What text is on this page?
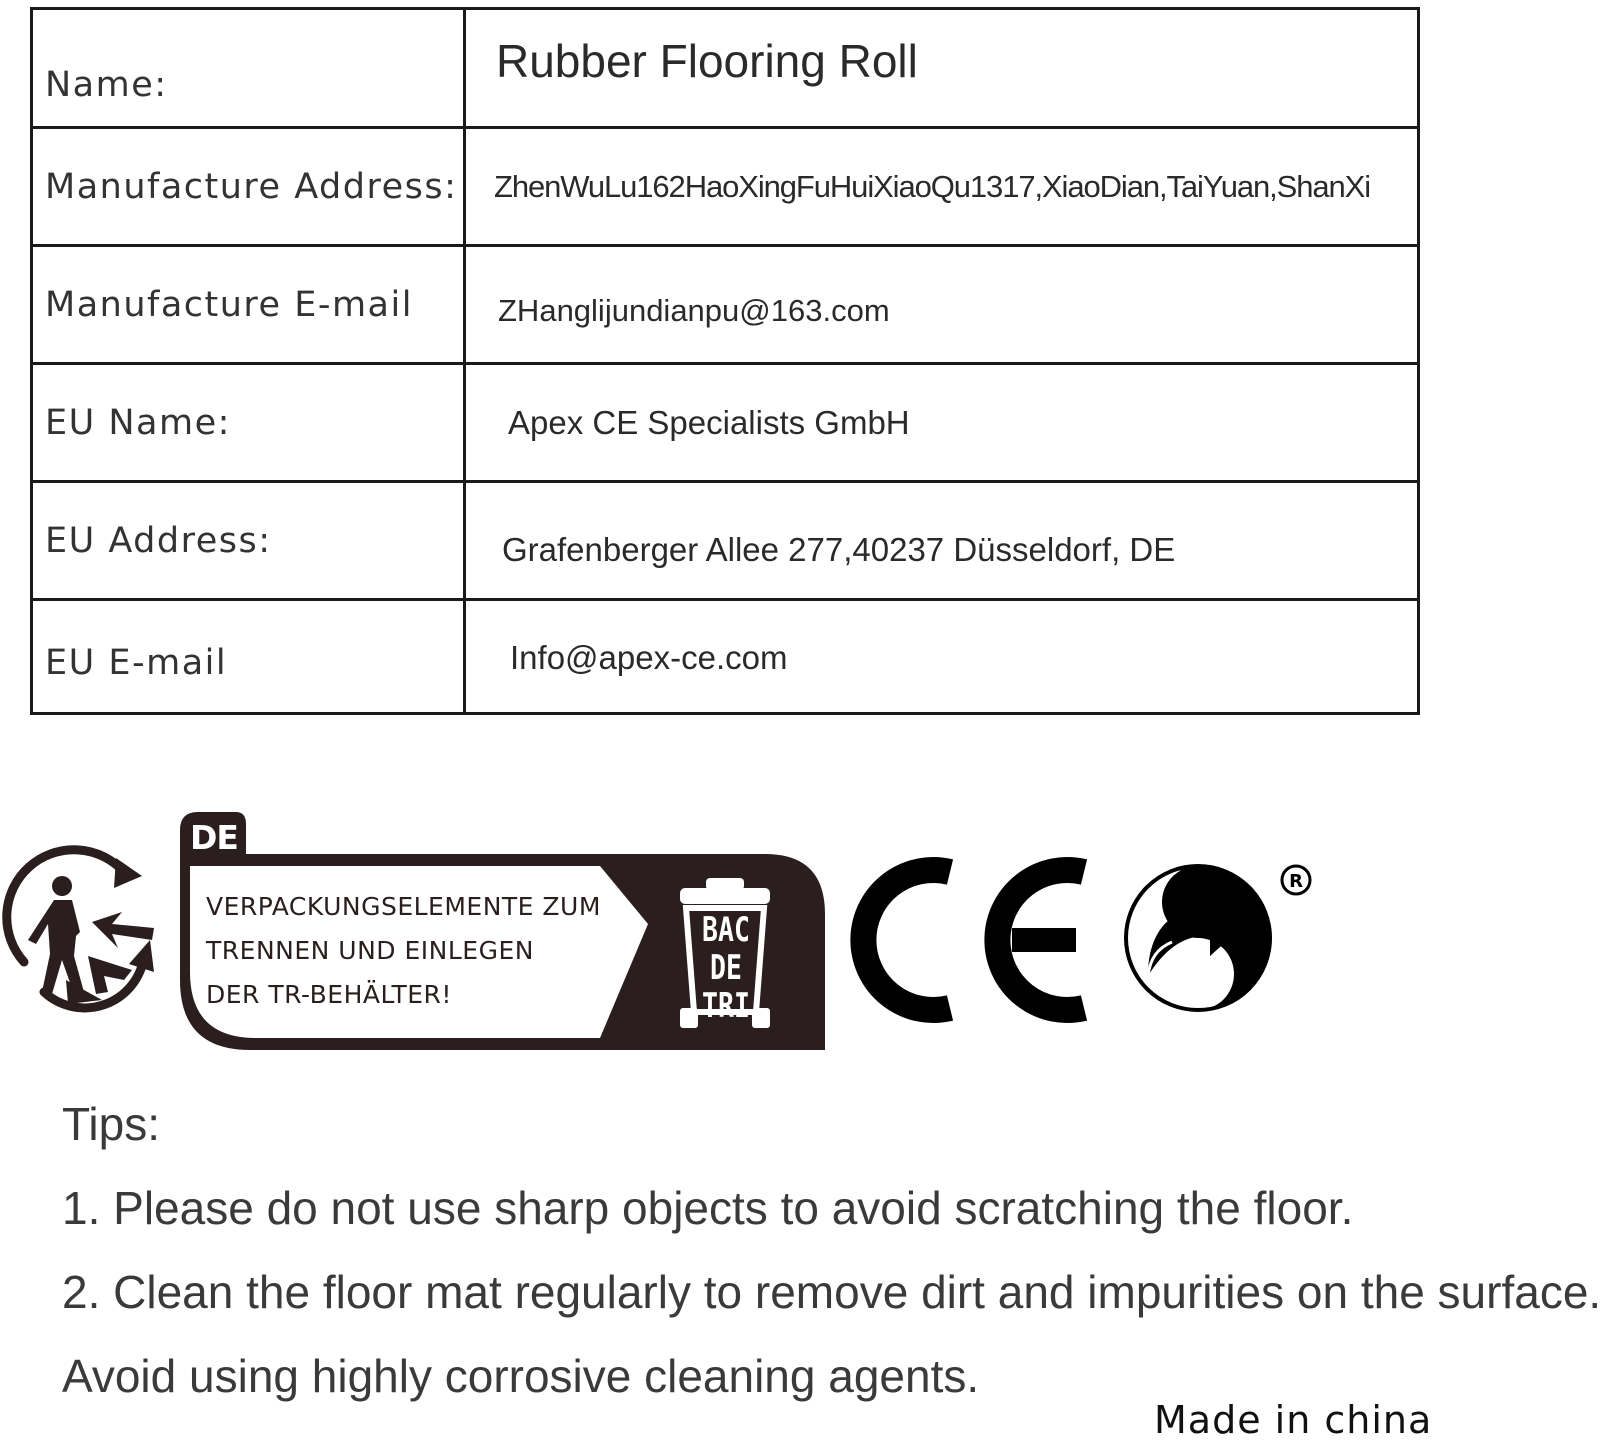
Name:	Rubber Flooring Roll
Manufacture Address:	ZhenWuLu162HaoXingFuHuiXiaoQu1317,XiaoDian,TaiYuan,ShanXi
Manufacture E-mail	ZHanglijundianpu@163.com
EU Name:	Apex CE Specialists GmbH
EU Address:	Grafenberger Allee 277,40237 Düsseldorf, DE
EU E-mail	Info@apex-ce.com
DE
VERPACKUNGSELEMENTE ZUM
TRENNEN UND EINLEGEN
DER TR-BEHÄLTER!
BAC
DE
TRI
R
Tips:
1. Please do not use sharp objects to avoid scratching the floor.
2. Clean the floor mat regularly to remove dirt and impurities on the surface.
Avoid using highly corrosive cleaning agents.
Made in china
